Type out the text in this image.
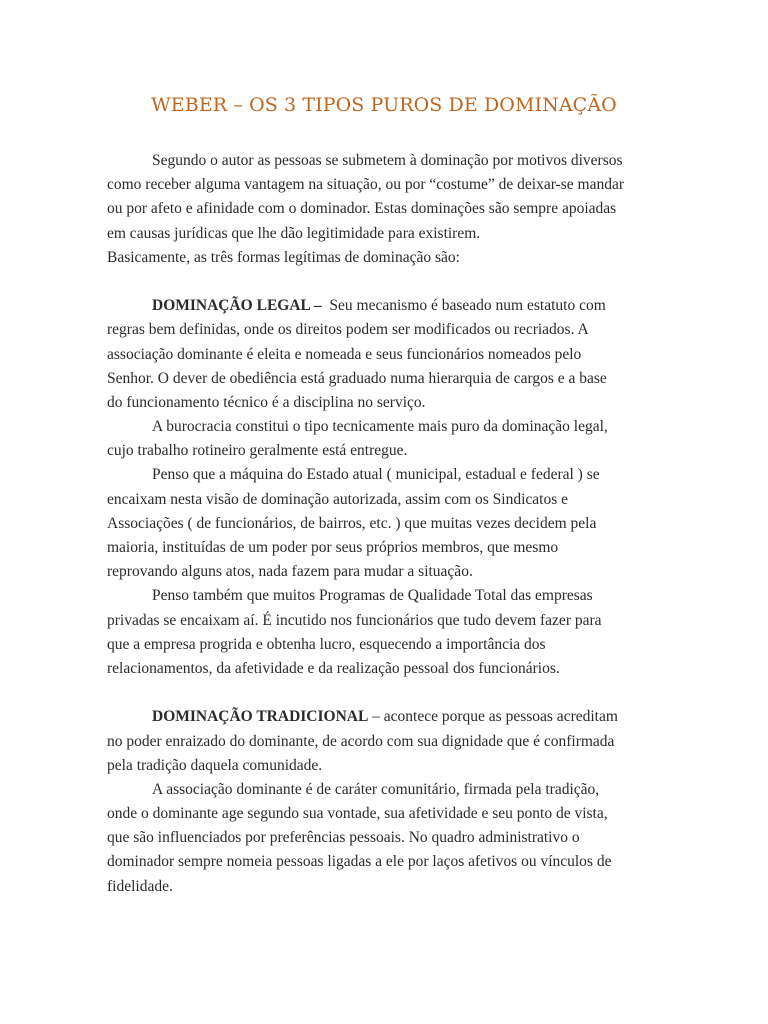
WEBER – OS 3 TIPOS PUROS DE DOMINAÇÃO
Segundo o autor as pessoas se submetem à dominação por motivos diversos
como receber alguma vantagem na situação, ou por “costume” de deixar-se mandar
ou por afeto e afinidade com o dominador. Estas dominações são sempre apoiadas
em causas jurídicas que lhe dão legitimidade para existirem.
Basicamente, as três formas legítimas de dominação são:
DOMINAÇÃO LEGAL – Seu mecanismo é baseado num estatuto com
regras bem definidas, onde os direitos podem ser modificados ou recriados. A
associação dominante é eleita e nomeada e seus funcionários nomeados pelo
Senhor. O dever de obediência está graduado numa hierarquia de cargos e a base
do funcionamento técnico é a disciplina no serviço.
A burocracia constitui o tipo tecnicamente mais puro da dominação legal,
cujo trabalho rotineiro geralmente está entregue.
Penso que a máquina do Estado atual ( municipal, estadual e federal ) se
encaixam nesta visão de dominação autorizada, assim com os Sindicatos e
Associações ( de funcionários, de bairros, etc. ) que muitas vezes decidem pela
maioria, instituídas de um poder por seus próprios membros, que mesmo
reprovando alguns atos, nada fazem para mudar a situação.
Penso também que muitos Programas de Qualidade Total das empresas
privadas se encaixam aí. É incutido nos funcionários que tudo devem fazer para
que a empresa progrida e obtenha lucro, esquecendo a importância dos
relacionamentos, da afetividade e da realização pessoal dos funcionários.
DOMINAÇÃO TRADICIONAL – acontece porque as pessoas acreditam
no poder enraizado do dominante, de acordo com sua dignidade que é confirmada
pela tradição daquela comunidade.
A associação dominante é de caráter comunitário, firmada pela tradição,
onde o dominante age segundo sua vontade, sua afetividade e seu ponto de vista,
que são influenciados por preferências pessoais. No quadro administrativo o
dominador sempre nomeia pessoas ligadas a ele por laços afetivos ou vínculos de
fidelidade.
